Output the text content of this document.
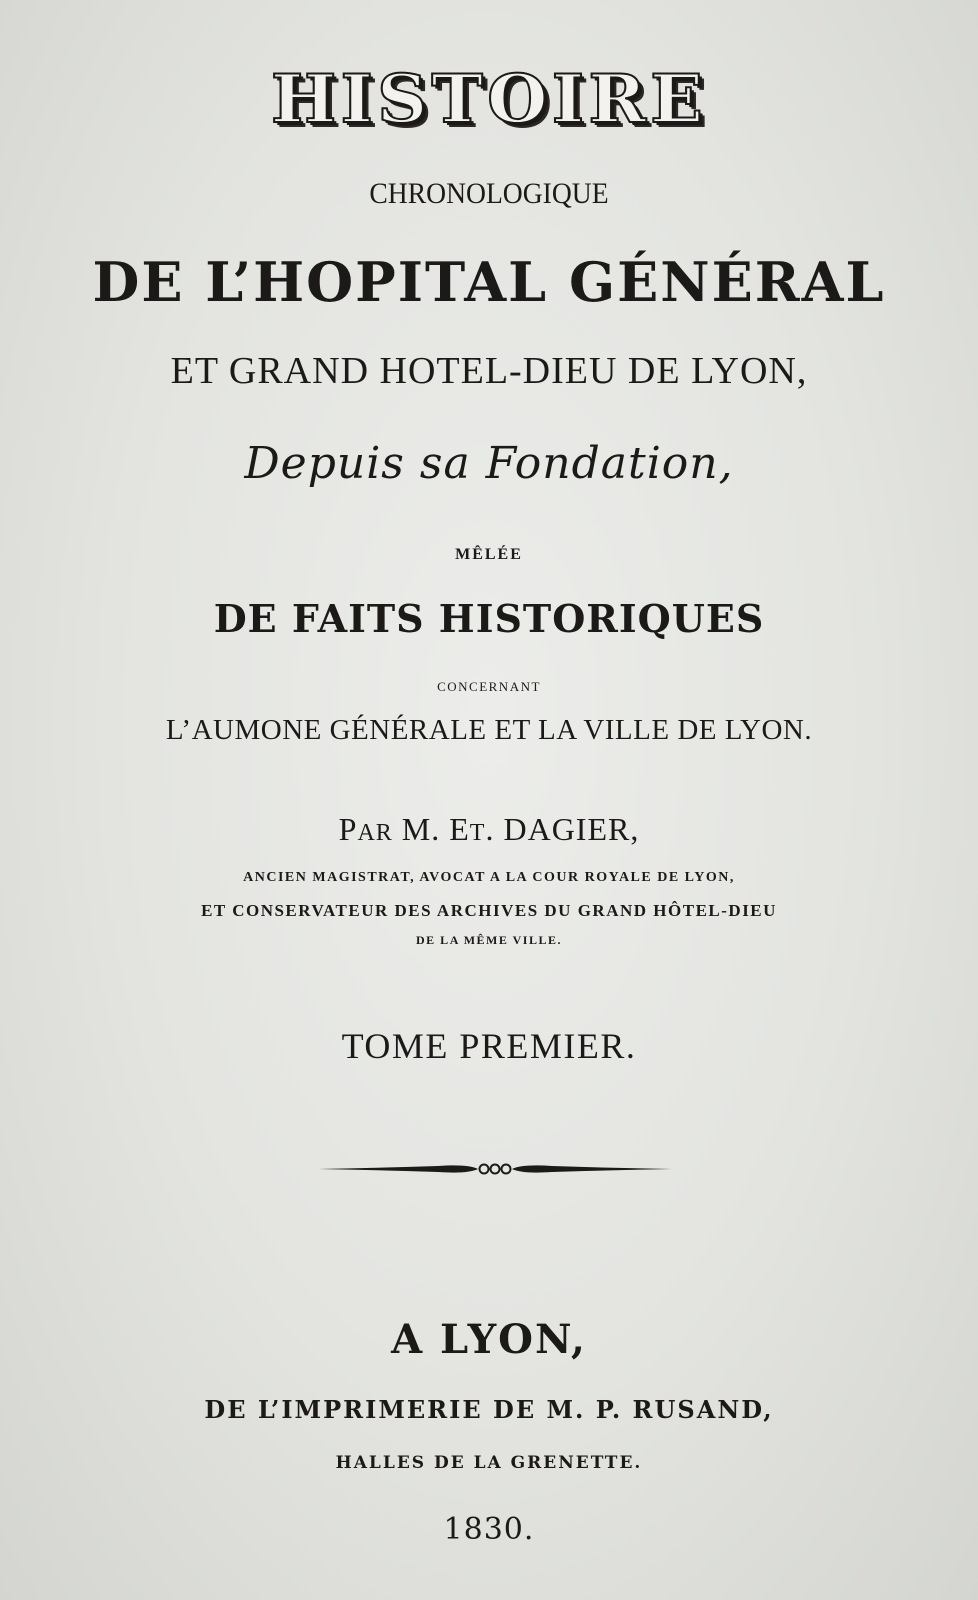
HISTOIRE
CHRONOLOGIQUE
DE L’HOPITAL GÉNÉRAL
ET GRAND HOTEL-DIEU DE LYON,
Depuis sa Fondation,
MÊLÉE
DE FAITS HISTORIQUES
CONCERNANT
L’AUMONE GÉNÉRALE ET LA VILLE DE LYON.
PAR M. ET. DAGIER,
ANCIEN MAGISTRAT, AVOCAT A LA COUR ROYALE DE LYON,
ET CONSERVATEUR DES ARCHIVES DU GRAND HÔTEL-DIEU
DE LA MÊME VILLE.
TOME PREMIER.
A LYON,
DE L’IMPRIMERIE DE M. P. RUSAND,
HALLES DE LA GRENETTE.
1830.
